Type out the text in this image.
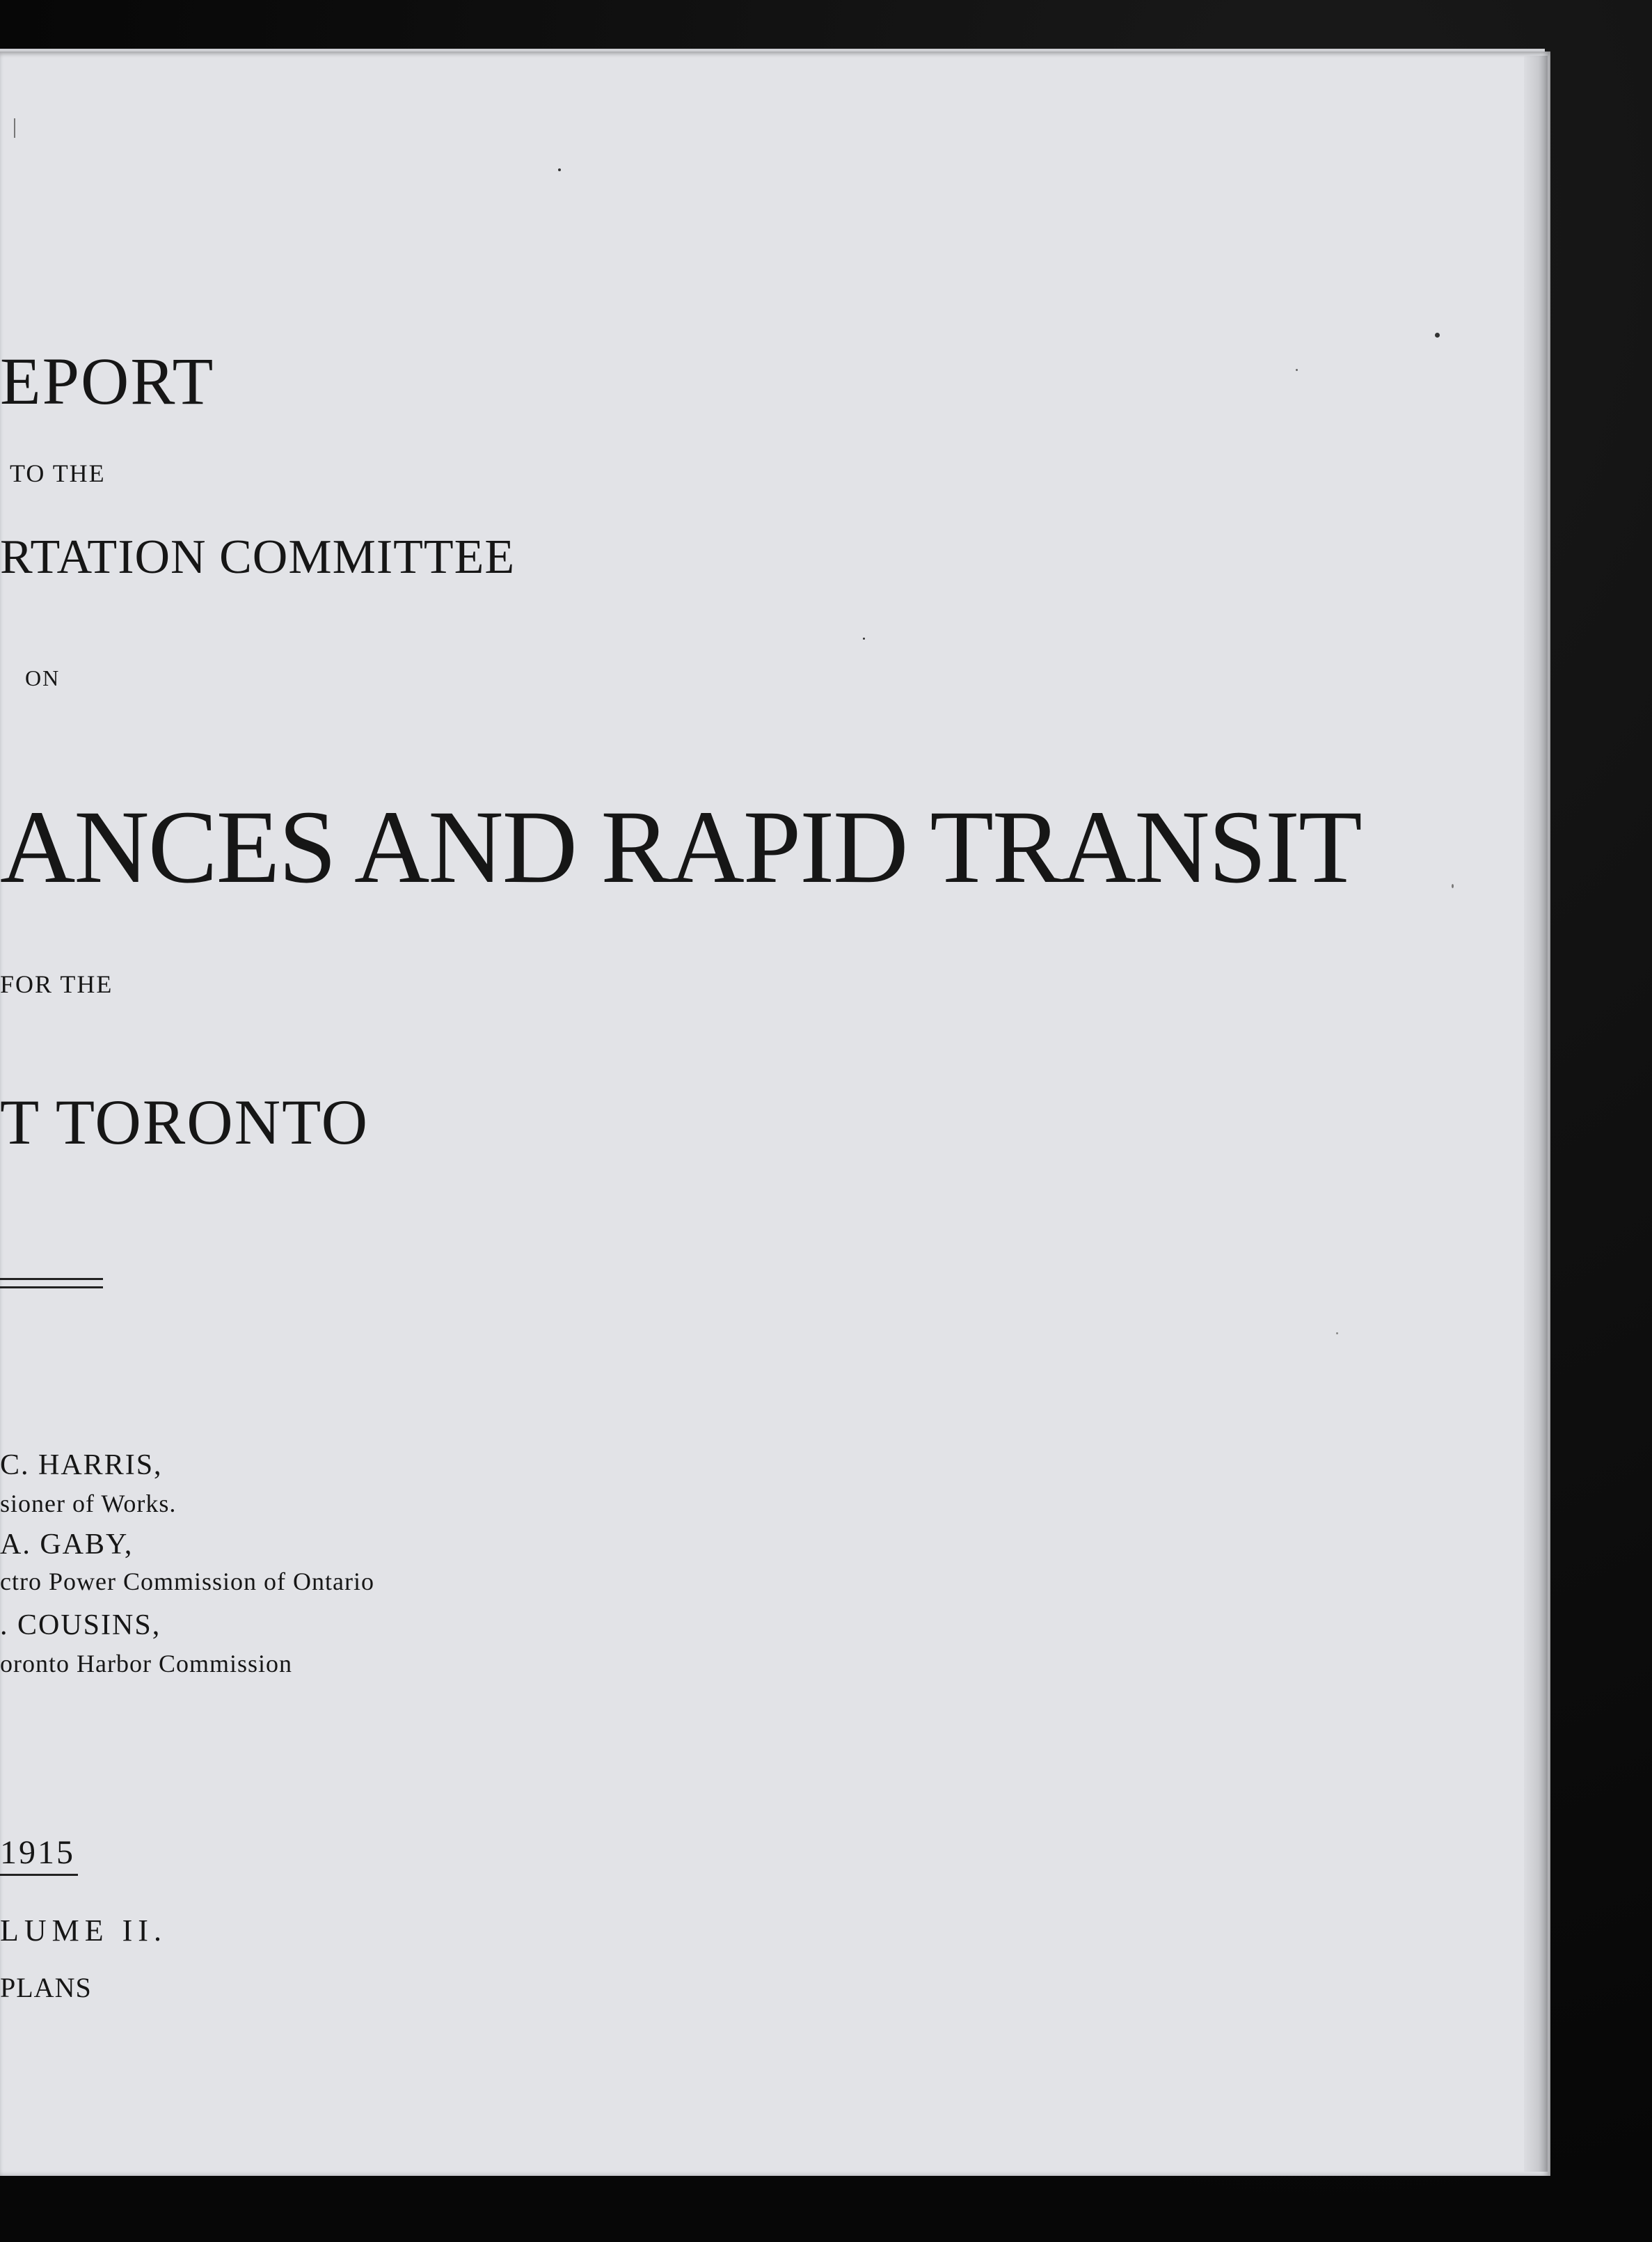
EPORT
TO THE
RTATION COMMITTEE
ON
ANCES AND RAPID TRANSIT
FOR THE
T TORONTO
C. HARRIS,
sioner of Works.
A. GABY,
ctro Power Commission of Ontario
. COUSINS,
oronto Harbor Commission
1915
LUME II.
PLANS
